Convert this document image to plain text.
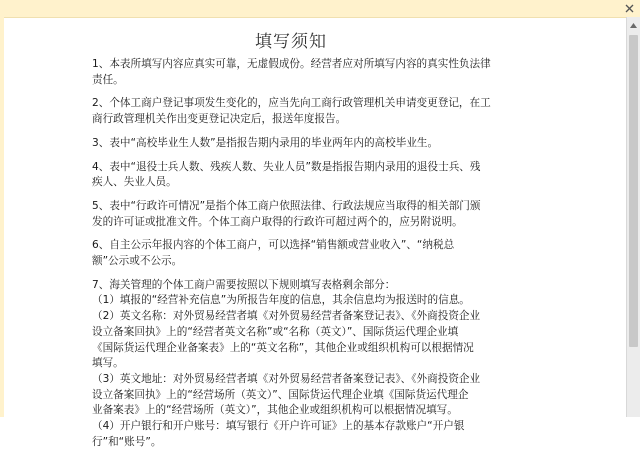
填写须知
1、本表所填写内容应真实可靠，无虚假成份。经营者应对所填写内容的真实性负法律
责任。
2、个体工商户登记事项发生变化的，应当先向工商行政管理机关申请变更登记，在工
商行政管理机关作出变更登记决定后，报送年度报告。
3、表中“高校毕业生人数”是指报告期内录用的毕业两年内的高校毕业生。
4、表中“退役士兵人数、残疾人数、失业人员”数是指报告期内录用的退役士兵、残
疾人、失业人员。
5、表中“行政许可情况”是指个体工商户依照法律、行政法规应当取得的相关部门颁
发的许可证或批准文件。个体工商户取得的行政许可超过两个的，应另附说明。
6、自主公示年报内容的个体工商户，可以选择“销售额或营业收入”、“纳税总
额”公示或不公示。
7、海关管理的个体工商户需要按照以下规则填写表格剩余部分：
（1）填报的“经营补充信息”为所报告年度的信息，其余信息均为报送时的信息。
（2）英文名称：对外贸易经营者填《对外贸易经营者备案登记表》、《外商投资企业
设立备案回执》上的“经营者英文名称”或“名称（英文）”、国际货运代理企业填
《国际货运代理企业备案表》上的“英文名称”，其他企业或组织机构可以根据情况
填写。
（3）英文地址：对外贸易经营者填《对外贸易经营者备案登记表》、《外商投资企业
设立备案回执》上的“经营场所（英文）”、国际货运代理企业填《国际货运代理企
业备案表》上的“经营场所（英文）”，其他企业或组织机构可以根据情况填写。
（4）开户银行和开户账号：填写银行《开户许可证》上的基本存款账户“开户银
行”和“账号”。
